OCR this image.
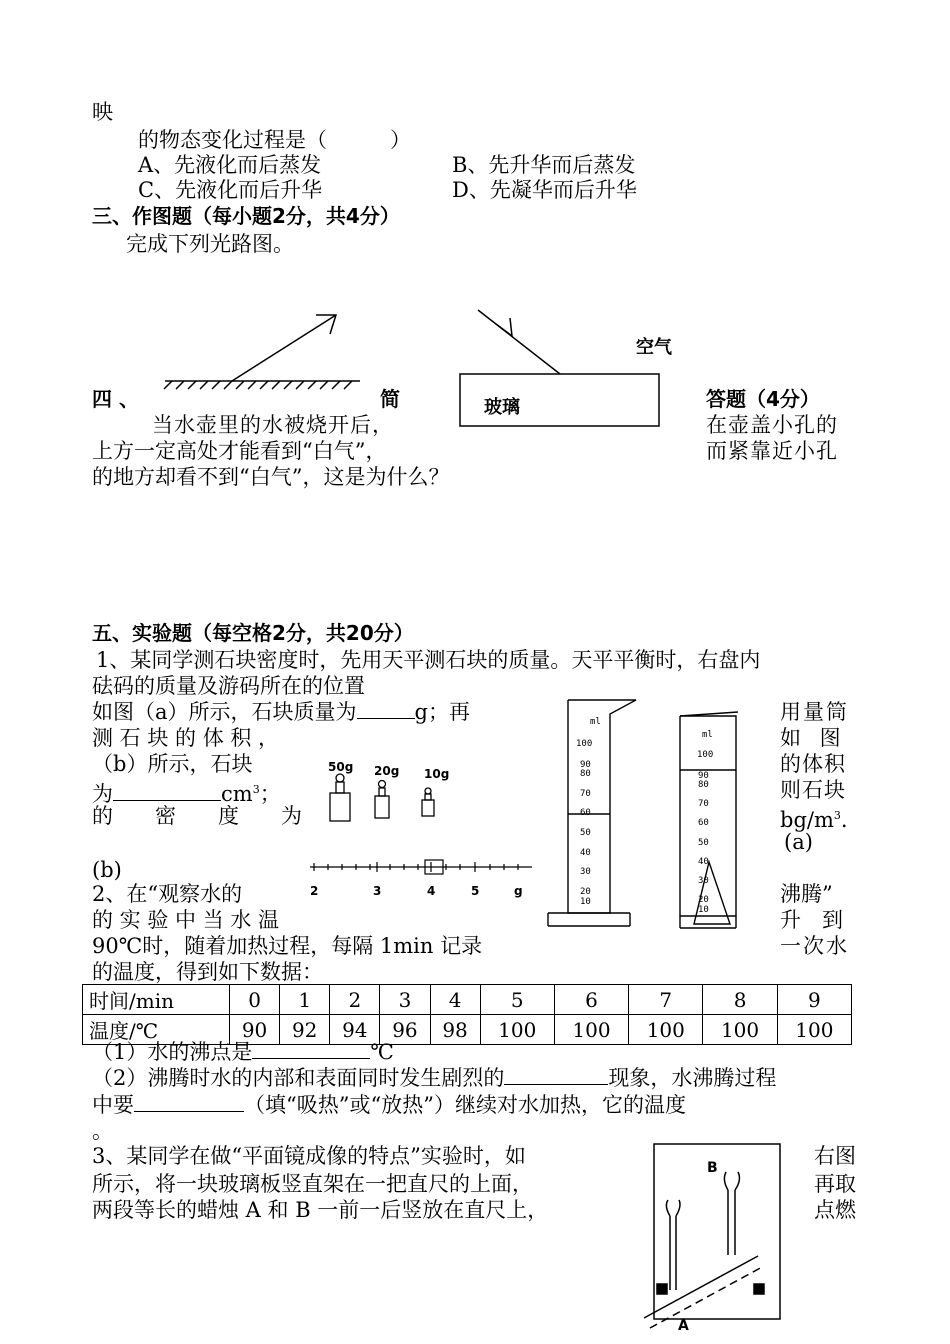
映
的物态变化过程是（　　　）
A、先液化而后蒸发	B、先升华而后蒸发
C、先液化而后升华	D、先凝华而后升华
三、作图题（每小题2分，共4分）
完成下列光路图。
空气
玻璃
四 、	简	答题（4分）
当水壶里的水被烧开后，	在壶盖小孔的
上方一定高处才能看到“白气”，	而紧靠近小孔
的地方却看不到“白气”，这是为什么？
五、实验题（每空格2分，共20分）
1、某同学测石块密度时，先用天平测石块的质量。天平平衡时，右盘内
砝码的质量及游码所在的位置
如图（a）所示，石块质量为	g；再	用量筒
测 石 块 的 体 积 ，	如 图
（b）所示，石块	的体积
为	$cm^3$；	则石块
的　　密　　度　　为	$bg/m^3$.
(a)
(b)
50g 20g 10g
2	3	4	5	g
ml
100
90
80
70
60
50
40
30
20
10
ml
100
90
80
70
60
50
40
30
20
10
2、在“观察水的	沸腾”
的 实 验 中 当 水 温	升　到
90℃时，随着加热过程，每隔 1min 记录	一次水
的温度，得到如下数据：
时间/min	0	1	2	3	4	5	6	7	8	9
温度/℃	90	92	94	96	98	100	100	100	100	100
（1）水的沸点是	℃
（2）沸腾时水的内部和表面同时发生剧烈的	现象，水沸腾过程
中要	（填“吸热”或“放热”）继续对水加热，它的温度
。
3、某同学在做“平面镜成像的特点”实验时，如	右图
所示，将一块玻璃板竖直架在一把直尺的上面，	再取
两段等长的蜡烛 A 和 B 一前一后竖放在直尺上，	点燃
B
A
